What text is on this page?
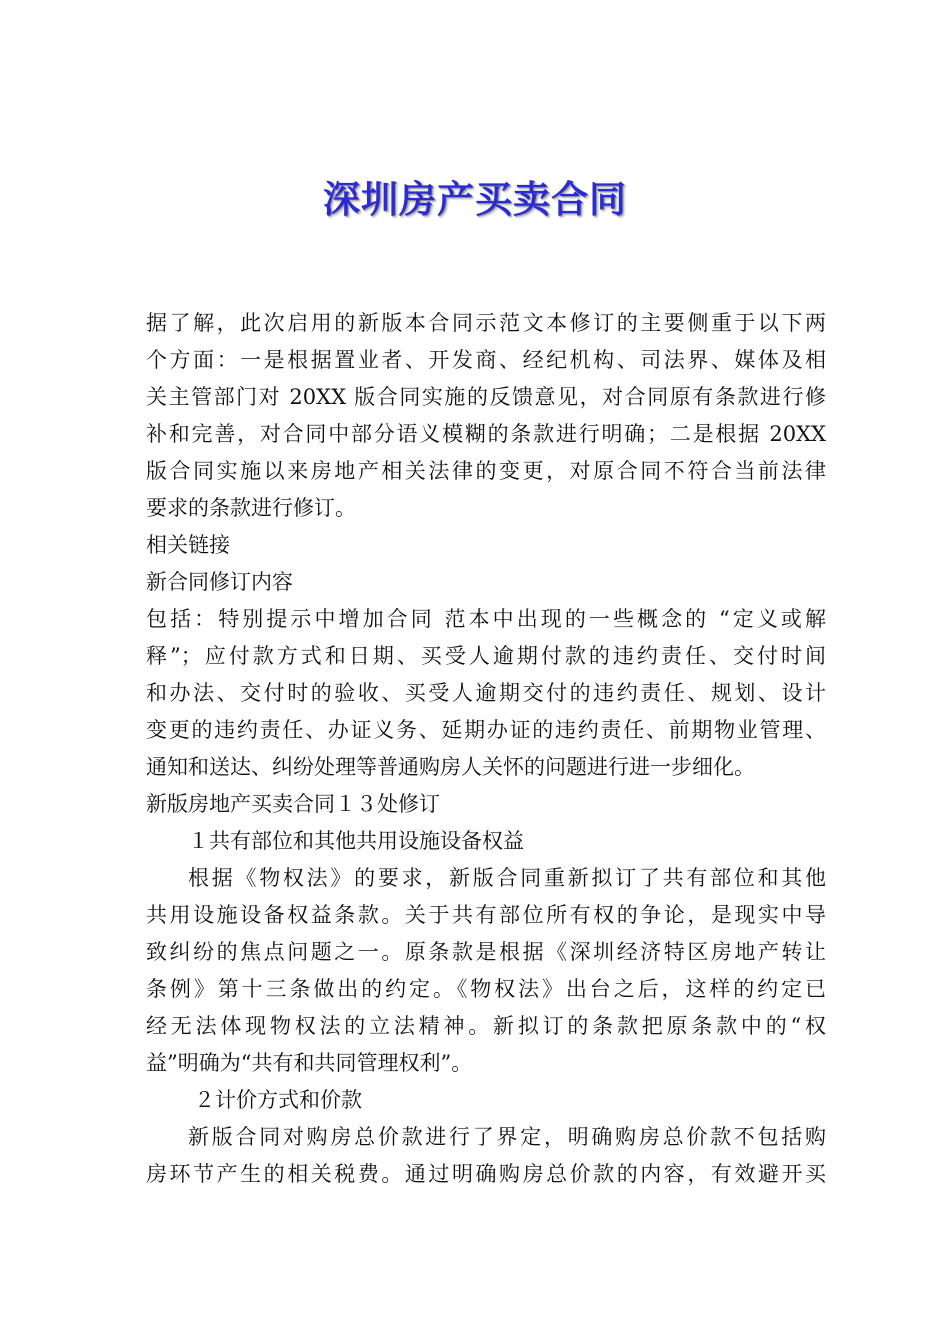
深圳房产买卖合同
据了解，此次启用的新版本合同示范文本修订的主要侧重于以下两
个方面：一是根据置业者、开发商、经纪机构、司法界、媒体及相
关主管部门对 20XX 版合同实施的反馈意见，对合同原有条款进行修
补和完善，对合同中部分语义模糊的条款进行明确；二是根据 20XX
版合同实施以来房地产相关法律的变更，对原合同不符合当前法律
要求的条款进行修订。
相关链接
新合同修订内容
包括：特别提示中增加合同 范本中出现的一些概念的 “定义或解
释”；应付款方式和日期、买受人逾期付款的违约责任、交付时间
和办法、交付时的验收、买受人逾期交付的违约责任、规划、设计
变更的违约责任、办证义务、延期办证的违约责任、前期物业管理、
通知和送达、纠纷处理等普通购房人关怀的问题进行进一步细化。
新版房地产买卖合同１３处修订
１共有部位和其他共用设施设备权益
根据《物权法》的要求，新版合同重新拟订了共有部位和其他
共用设施设备权益条款。关于共有部位所有权的争论，是现实中导
致纠纷的焦点问题之一。原条款是根据《深圳经济特区房地产转让
条例》第十三条做出的约定。《物权法》出台之后，这样的约定已
经无法体现物权法的立法精神。新拟订的条款把原条款中的“权
益”明确为“共有和共同管理权利”。
２计价方式和价款
新版合同对购房总价款进行了界定，明确购房总价款不包括购
房环节产生的相关税费。通过明确购房总价款的内容，有效避开买
